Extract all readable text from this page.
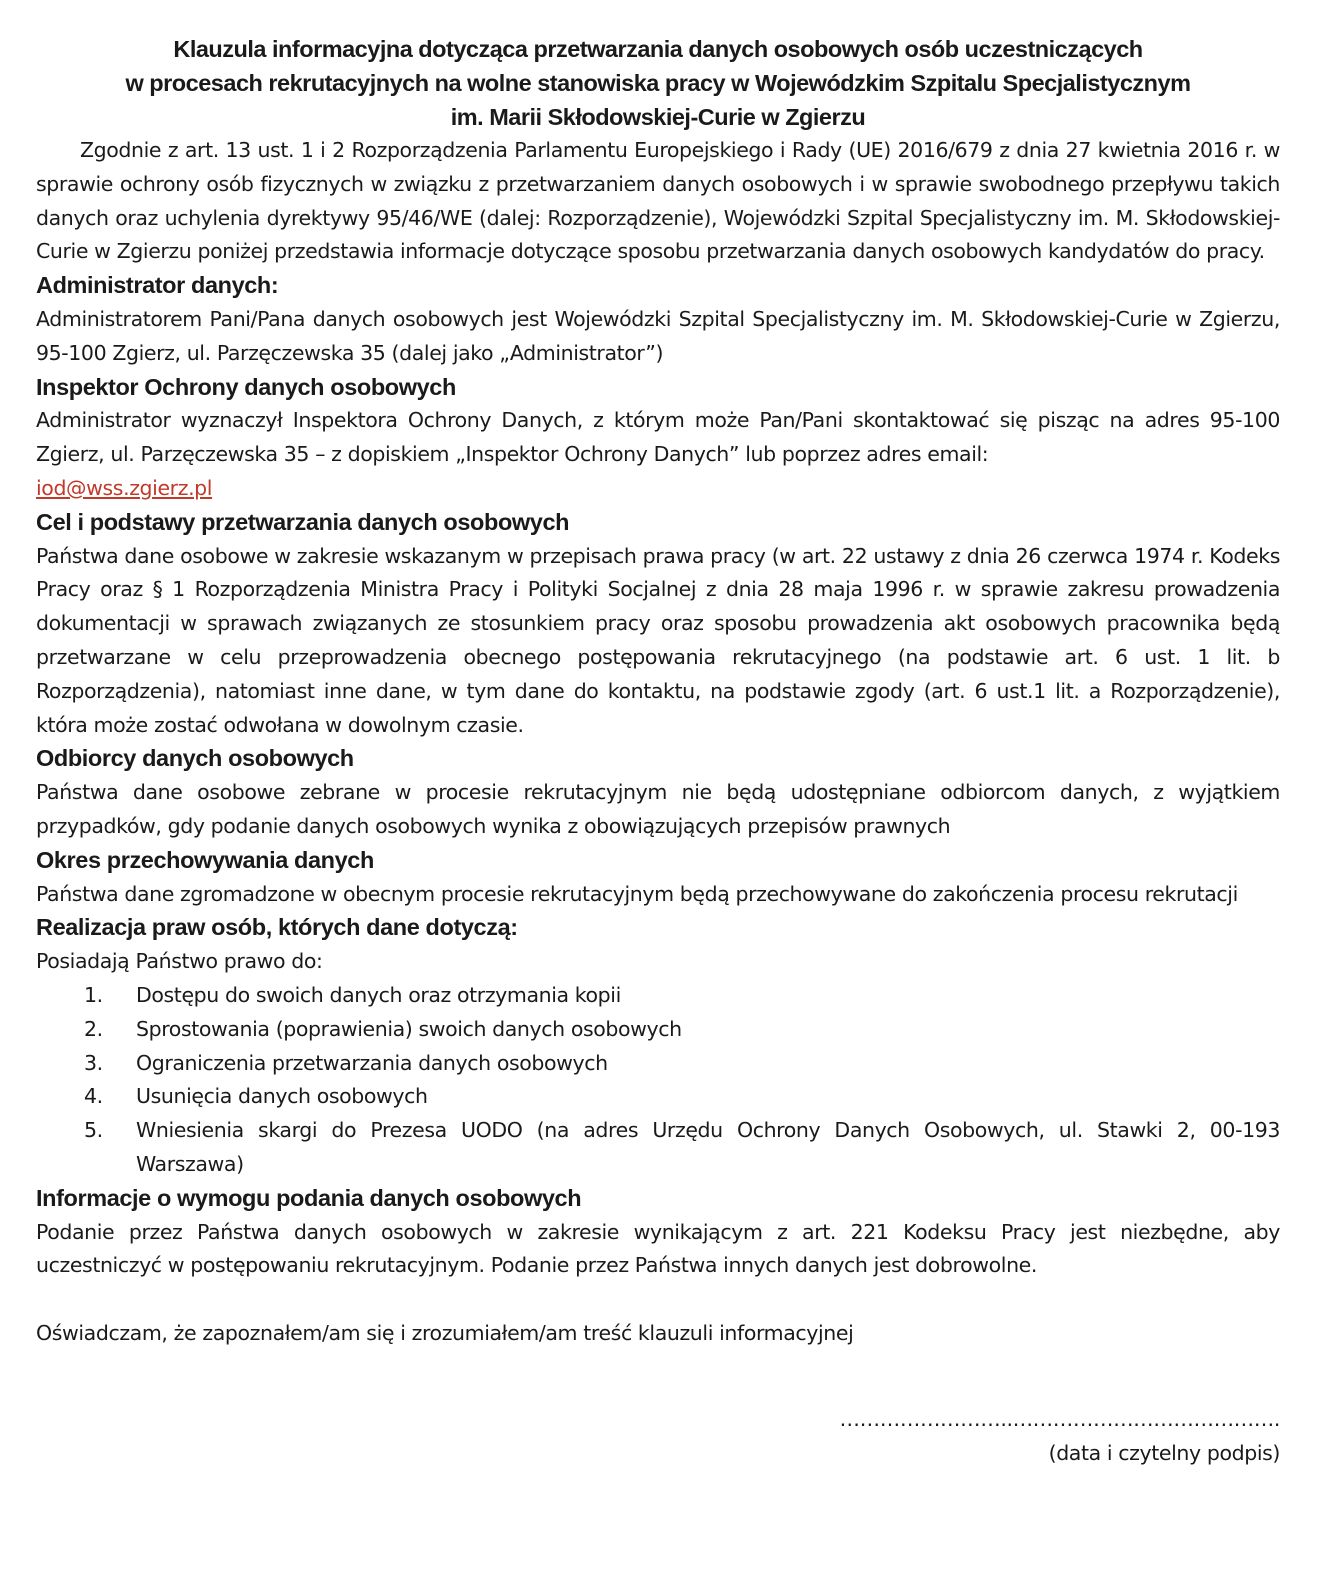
Klauzula informacyjna dotycząca przetwarzania danych osobowych osób uczestniczących
w procesach rekrutacyjnych na wolne stanowiska pracy w Wojewódzkim Szpitalu Specjalistycznym
im. Marii Skłodowskiej-Curie w Zgierzu

Zgodnie z art. 13 ust. 1 i 2 Rozporządzenia Parlamentu Europejskiego i Rady (UE) 2016/679 z dnia 27 kwietnia 2016 r. w sprawie ochrony osób fizycznych w związku z przetwarzaniem danych osobowych i w sprawie swobodnego przepływu takich danych oraz uchylenia dyrektywy 95/46/WE (dalej: Rozporządzenie), Wojewódzki Szpital Specjalistyczny im. M. Skłodowskiej-Curie w Zgierzu poniżej przedstawia informacje dotyczące sposobu przetwarzania danych osobowych kandydatów do pracy.

Administrator danych:

Administratorem Pani/Pana danych osobowych jest Wojewódzki Szpital Specjalistyczny im. M. Skłodowskiej-Curie w Zgierzu, 95-100 Zgierz, ul. Parzęczewska 35 (dalej jako „Administrator”)

Inspektor Ochrony danych osobowych

Administrator wyznaczył Inspektora Ochrony Danych, z którym może Pan/Pani skontaktować się pisząc na adres 95-100 Zgierz, ul. Parzęczewska 35 – z dopiskiem „Inspektor Ochrony Danych” lub poprzez adres email:
iod@wss.zgierz.pl

Cel i podstawy przetwarzania danych osobowych

Państwa dane osobowe w zakresie wskazanym w przepisach prawa pracy (w art. 22 ustawy z dnia 26 czerwca 1974 r. Kodeks Pracy oraz § 1 Rozporządzenia Ministra Pracy i Polityki Socjalnej z dnia 28 maja 1996 r. w sprawie zakresu prowadzenia dokumentacji w sprawach związanych ze stosunkiem pracy oraz sposobu prowadzenia akt osobowych pracownika będą przetwarzane w celu przeprowadzenia obecnego postępowania rekrutacyjnego (na podstawie art. 6 ust. 1 lit. b Rozporządzenia), natomiast inne dane, w tym dane do kontaktu, na podstawie zgody (art. 6 ust.1 lit. a Rozporządzenie), która może zostać odwołana w dowolnym czasie.

Odbiorcy danych osobowych

Państwa dane osobowe zebrane w procesie rekrutacyjnym nie będą udostępniane odbiorcom danych, z wyjątkiem przypadków, gdy podanie danych osobowych wynika z obowiązujących przepisów prawnych

Okres przechowywania danych

Państwa dane zgromadzone w obecnym procesie rekrutacyjnym będą przechowywane do zakończenia procesu rekrutacji

Realizacja praw osób, których dane dotyczą:

Posiadają Państwo prawo do:

1.	Dostępu do swoich danych oraz otrzymania kopii
2.	Sprostowania (poprawienia) swoich danych osobowych
3.	Ograniczenia przetwarzania danych osobowych
4.	Usunięcia danych osobowych
5.	Wniesienia skargi do Prezesa UODO (na adres Urzędu Ochrony Danych Osobowych, ul. Stawki 2, 00-193 Warszawa)
Informacje o wymogu podania danych osobowych

Podanie przez Państwa danych osobowych w zakresie wynikającym z art. 221 Kodeksu Pracy jest niezbędne, aby uczestniczyć w postępowaniu rekrutacyjnym. Podanie przez Państwa innych danych jest dobrowolne.

Oświadczam, że zapoznałem/am się i zrozumiałem/am treść klauzuli informacyjnej

……………………..………………………………….
(data i czytelny podpis)
